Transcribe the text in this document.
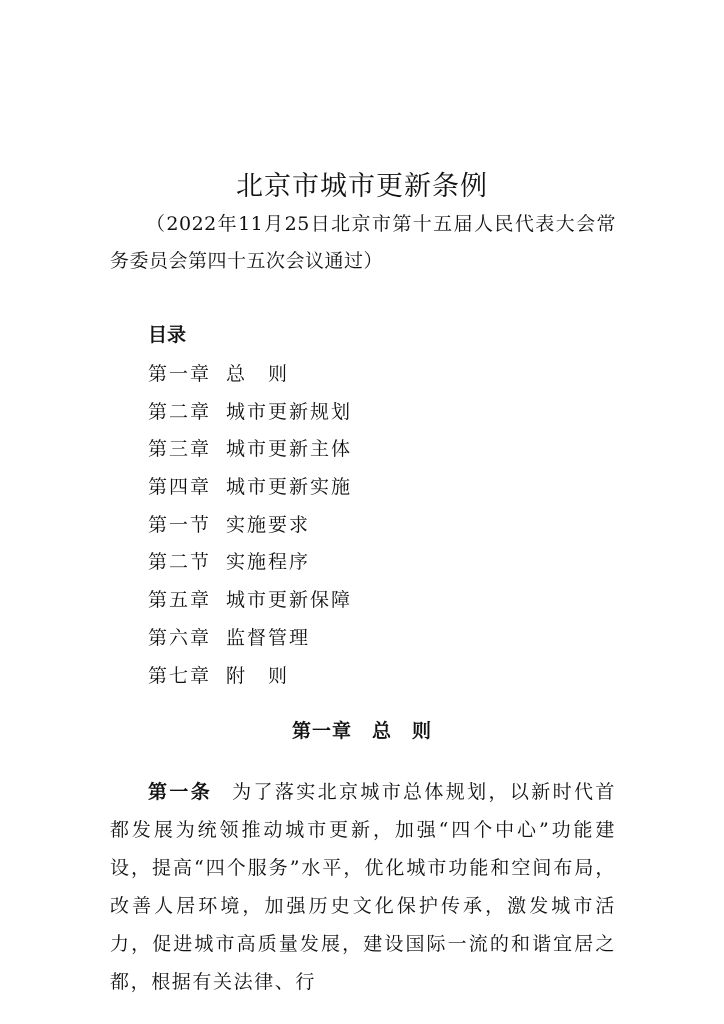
北京市城市更新条例
（2022年11月25日北京市第十五届人民代表大会常务委员会第四十五次会议通过）
目录
第一章 总　则
第二章 城市更新规划
第三章 城市更新主体
第四章 城市更新实施
第一节 实施要求
第二节 实施程序
第五章 城市更新保障
第六章 监督管理
第七章 附　则
第一章　总　则

第一条 为了落实北京城市总体规划，以新时代首都发展为统领推动城市更新，加强“四个中心”功能建设，提高“四个服务”水平，优化城市功能和空间布局，改善人居环境，加强历史文化保护传承，激发城市活力，促进城市高质量发展，建设国际一流的和谐宜居之都，根据有关法律、行
